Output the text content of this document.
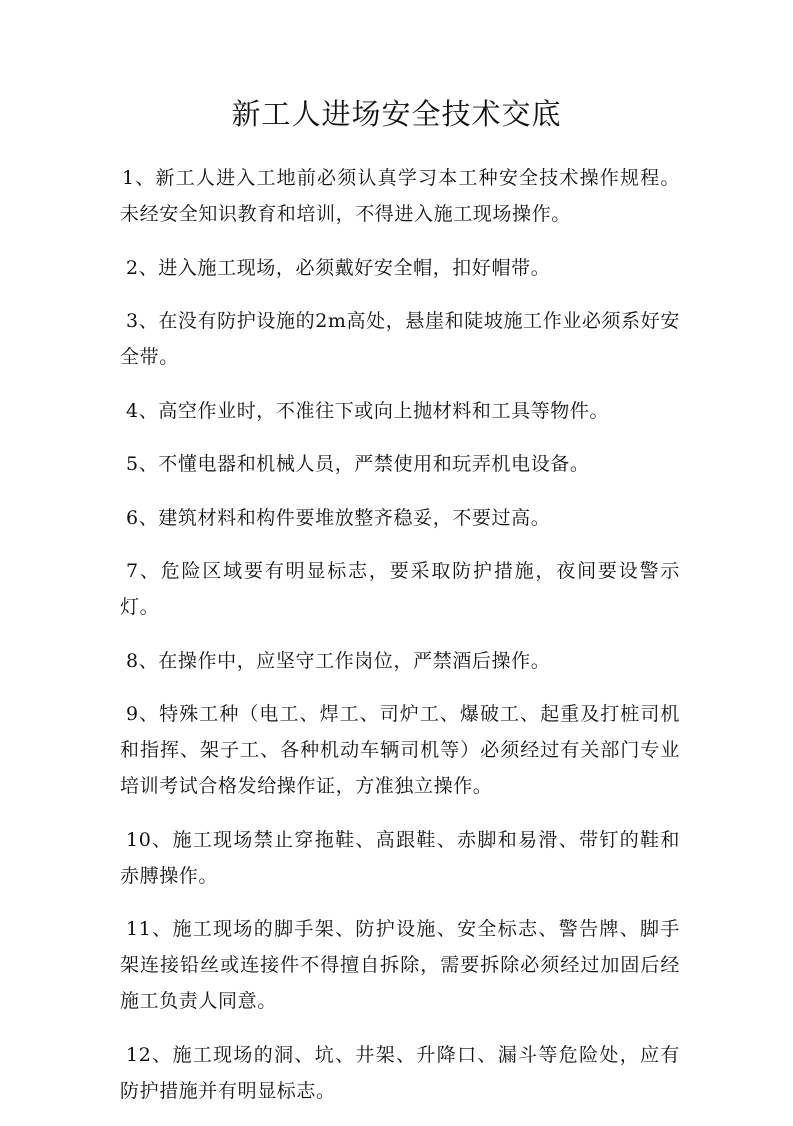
新工人进场安全技术交底

1、新工人进入工地前必须认真学习本工种安全技术操作规程。未经安全知识教育和培训，不得进入施工现场操作。

2、进入施工现场，必须戴好安全帽，扣好帽带。

3、在没有防护设施的2m高处，悬崖和陡坡施工作业必须系好安全带。

4、高空作业时，不准往下或向上抛材料和工具等物件。

5、不懂电器和机械人员，严禁使用和玩弄机电设备。

6、建筑材料和构件要堆放整齐稳妥，不要过高。

7、危险区域要有明显标志，要采取防护措施，夜间要设警示灯。

8、在操作中，应坚守工作岗位，严禁酒后操作。

9、特殊工种（电工、焊工、司炉工、爆破工、起重及打桩司机和指挥、架子工、各种机动车辆司机等）必须经过有关部门专业培训考试合格发给操作证，方准独立操作。

10、施工现场禁止穿拖鞋、高跟鞋、赤脚和易滑、带钉的鞋和赤膊操作。

11、施工现场的脚手架、防护设施、安全标志、警告牌、脚手架连接铅丝或连接件不得擅自拆除，需要拆除必须经过加固后经施工负责人同意。

12、施工现场的洞、坑、井架、升降口、漏斗等危险处，应有防护措施并有明显标志。
